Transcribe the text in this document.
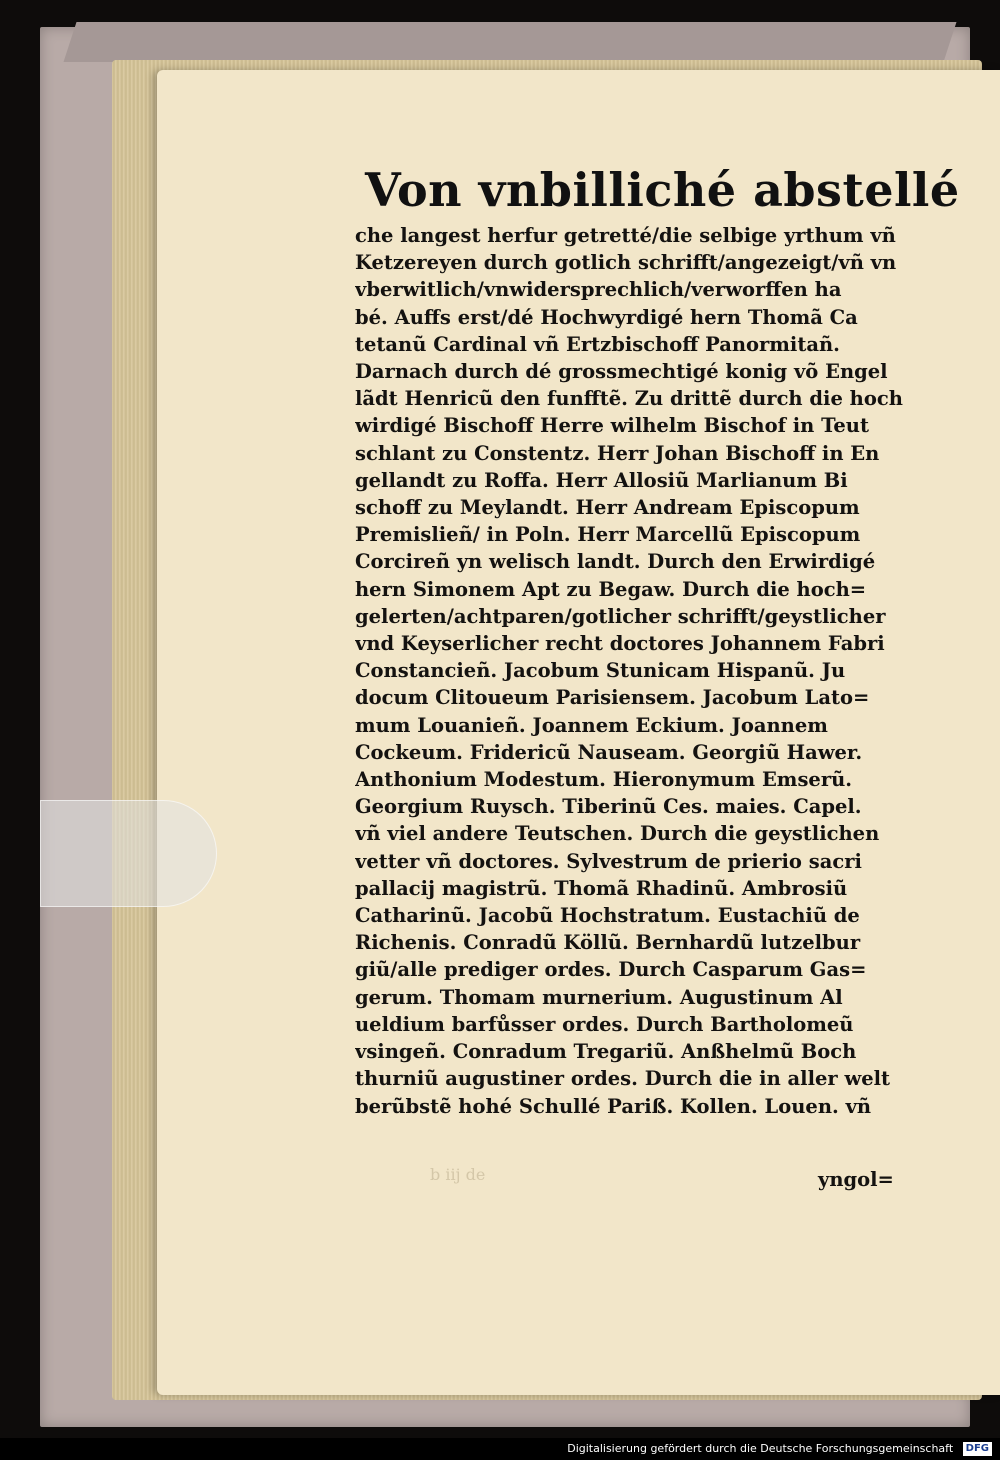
Von vnbilliché abstellé
che langest herfur getretté/die selbige yrthum vñ
Ketzereyen durch gotlich schrifft/angezeigt/vñ vn
vberwitlich/vnwidersprechlich/verworffen ha
bé. Auffs erst/dé Hochwyrdigé hern Thomã Ca
tetanũ Cardinal vñ Ertzbischoff Panormitañ.
Darnach durch dé grossmechtigé konig võ Engel
lãdt Henricũ den funfftẽ. Zu drittẽ durch die hoch
wirdigé Bischoff Herre wilhelm Bischof in Teut
schlant zu Constentz. Herr Johan Bischoff in En
gellandt zu Roffa. Herr Allosiũ Marlianum Bi
schoff zu Meylandt. Herr Andream Episcopum
Premislieñ/ in Poln. Herr Marcellũ Episcopum
Corcireñ yn welisch landt. Durch den Erwirdigé
hern Simonem Apt zu Begaw. Durch die hoch=
gelerten/achtparen/gotlicher schrifft/geystlicher
vnd Keyserlicher recht doctores Johannem Fabri
Constancieñ. Jacobum Stunicam Hispanũ. Ju
docum Clitoueum Parisiensem. Jacobum Lato=
mum Louanieñ. Joannem Eckium. Joannem
Cockeum. Fridericũ Nauseam. Georgiũ Hawer.
Anthonium Modestum. Hieronymum Emserũ.
Georgium Ruysch. Tiberinũ Ces. maies. Capel.
vñ viel andere Teutschen. Durch die geystlichen
vetter vñ doctores. Sylvestrum de prierio sacri
pallacij magistrũ. Thomã Rhadinũ. Ambrosiũ
Catharinũ. Jacobũ Hochstratum. Eustachiũ de
Richenis. Conradũ Köllũ. Bernhardũ lutzelbur
giũ/alle prediger ordes. Durch Casparum Gas=
gerum. Thomam murnerium. Augustinum Al
ueldium barfůsser ordes. Durch Bartholomeũ
vsingeñ. Conradum Tregariũ. Anßhelmũ Boch
thurniũ augustiner ordes. Durch die in aller welt
berũbstẽ hohé Schullé Pariß. Kollen. Louen. vñ
b iij de	yngol=
Digitalisierung gefördert durch die Deutsche Forschungsgemeinschaft DFG
